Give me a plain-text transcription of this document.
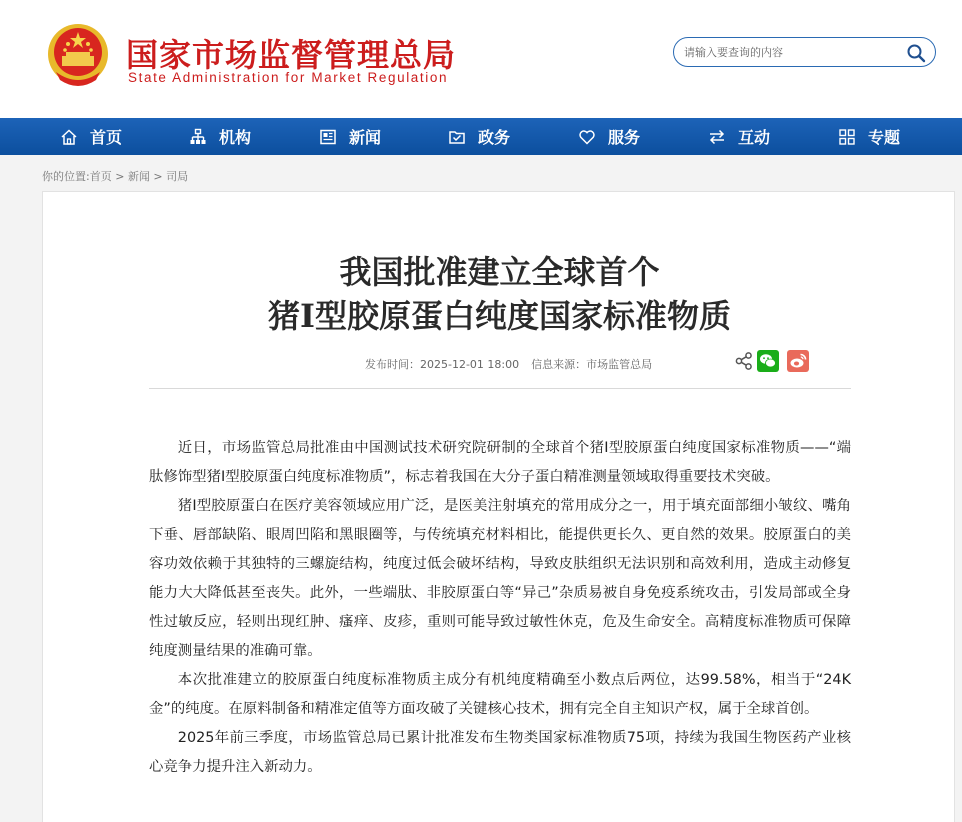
国家市场监督管理总局
State Administration for Market Regulation
请输入要查询的内容
首页	机构	新闻	政务	服务	互动	专题
你的位置:首页 > 新闻 > 司局
我国批准建立全球首个
猪Ⅰ型胶原蛋白纯度国家标准物质
发布时间：2025-12-01 18:00 信息来源：市场监管总局

近日，市场监管总局批准由中国测试技术研究院研制的全球首个猪Ⅰ型胶原蛋白纯度国家标准物质——“端肽修饰型猪Ⅰ型胶原蛋白纯度标准物质”，标志着我国在大分子蛋白精准测量领域取得重要技术突破。

猪Ⅰ型胶原蛋白在医疗美容领域应用广泛，是医美注射填充的常用成分之一，用于填充面部细小皱纹、嘴角下垂、唇部缺陷、眼周凹陷和黑眼圈等，与传统填充材料相比，能提供更长久、更自然的效果。胶原蛋白的美容功效依赖于其独特的三螺旋结构，纯度过低会破坏结构，导致皮肤组织无法识别和高效利用，造成主动修复能力大大降低甚至丧失。此外，一些端肽、非胶原蛋白等“异己”杂质易被自身免疫系统攻击，引发局部或全身性过敏反应，轻则出现红肿、瘙痒、皮疹，重则可能导致过敏性休克，危及生命安全。高精度标准物质可保障纯度测量结果的准确可靠。

本次批准建立的胶原蛋白纯度标准物质主成分有机纯度精确至小数点后两位，达99.58%，相当于“24K金”的纯度。在原料制备和精准定值等方面攻破了关键核心技术，拥有完全自主知识产权，属于全球首创。

2025年前三季度，市场监管总局已累计批准发布生物类国家标准物质75项，持续为我国生物医药产业核心竞争力提升注入新动力。
